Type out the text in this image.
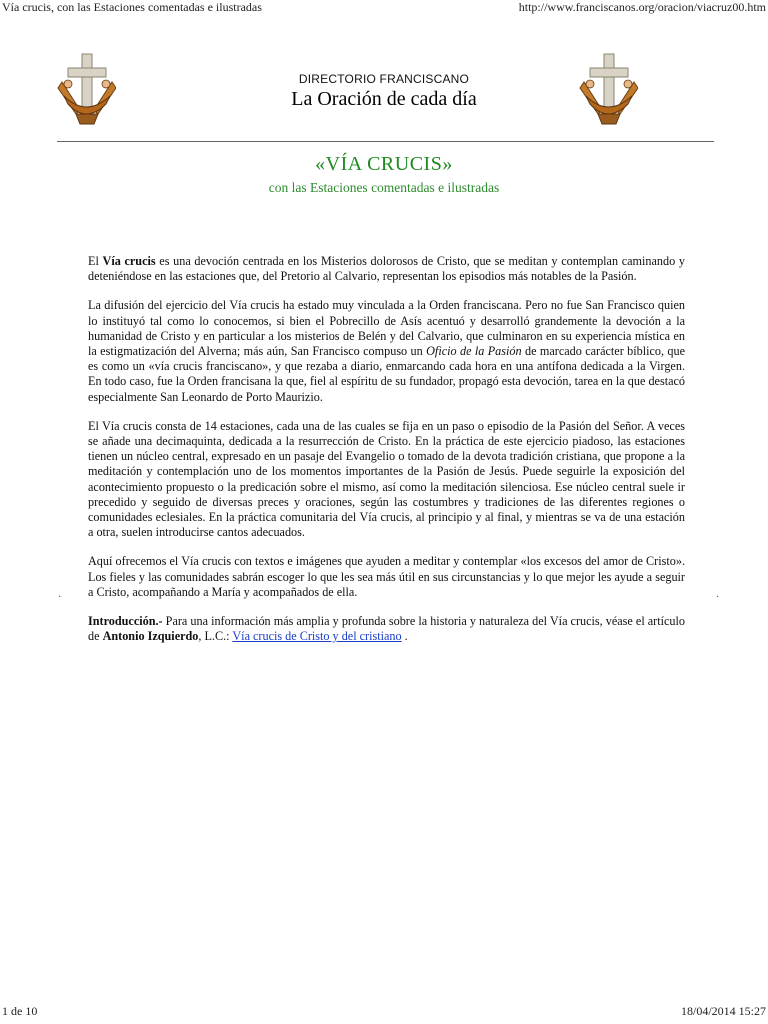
Vía crucis, con las Estaciones comentadas e ilustradas	http://www.franciscanos.org/oracion/viacruz00.htm
DIRECTORIO FRANCISCANO
La Oración de cada día
«VÍA CRUCIS»
con las Estaciones comentadas e ilustradas

El Vía crucis es una devoción centrada en los Misterios dolorosos de Cristo, que se meditan y contemplan caminando y deteniéndose en las estaciones que, del Pretorio al Calvario, representan los episodios más notables de la Pasión.

La difusión del ejercicio del Vía crucis ha estado muy vinculada a la Orden franciscana. Pero no fue San Francisco quien lo instituyó tal como lo conocemos, si bien el Pobrecillo de Asís acentuó y desarrolló grandemente la devoción a la humanidad de Cristo y en particular a los misterios de Belén y del Calvario, que culminaron en su experiencia mística en la estigmatización del Alverna; más aún, San Francisco compuso un Oficio de la Pasión de marcado carácter bíblico, que es como un «vía crucis franciscano», y que rezaba a diario, enmarcando cada hora en una antífona dedicada a la Virgen. En todo caso, fue la Orden francisana la que, fiel al espíritu de su fundador, propagó esta devoción, tarea en la que destacó especialmente San Leonardo de Porto Maurizio.

El Vía crucis consta de 14 estaciones, cada una de las cuales se fija en un paso o episodio de la Pasión del Señor. A veces se añade una decimaquinta, dedicada a la resurrección de Cristo. En la práctica de este ejercicio piadoso, las estaciones tienen un núcleo central, expresado en un pasaje del Evangelio o tomado de la devota tradición cristiana, que propone a la meditación y contemplación uno de los momentos importantes de la Pasión de Jesús. Puede seguirle la exposición del acontecimiento propuesto o la predicación sobre el mismo, así como la meditación silenciosa. Ese núcleo central suele ir precedido y seguido de diversas preces y oraciones, según las costumbres y tradiciones de las diferentes regiones o comunidades eclesiales. En la práctica comunitaria del Vía crucis, al principio y al final, y mientras se va de una estación a otra, suelen introducirse cantos adecuados.

Aquí ofrecemos el Vía crucis con textos e imágenes que ayuden a meditar y contemplar «los excesos del amor de Cristo». Los fieles y las comunidades sabrán escoger lo que les sea más útil en sus circunstancias y lo que mejor les ayude a seguir a Cristo, acompañando a María y acompañados de ella.

Introducción.- Para una información más amplia y profunda sobre la historia y naturaleza del Vía crucis, véase el artículo de Antonio Izquierdo, L.C.: Vía crucis de Cristo y del cristiano .

·	·
1 de 10	18/04/2014 15:27
